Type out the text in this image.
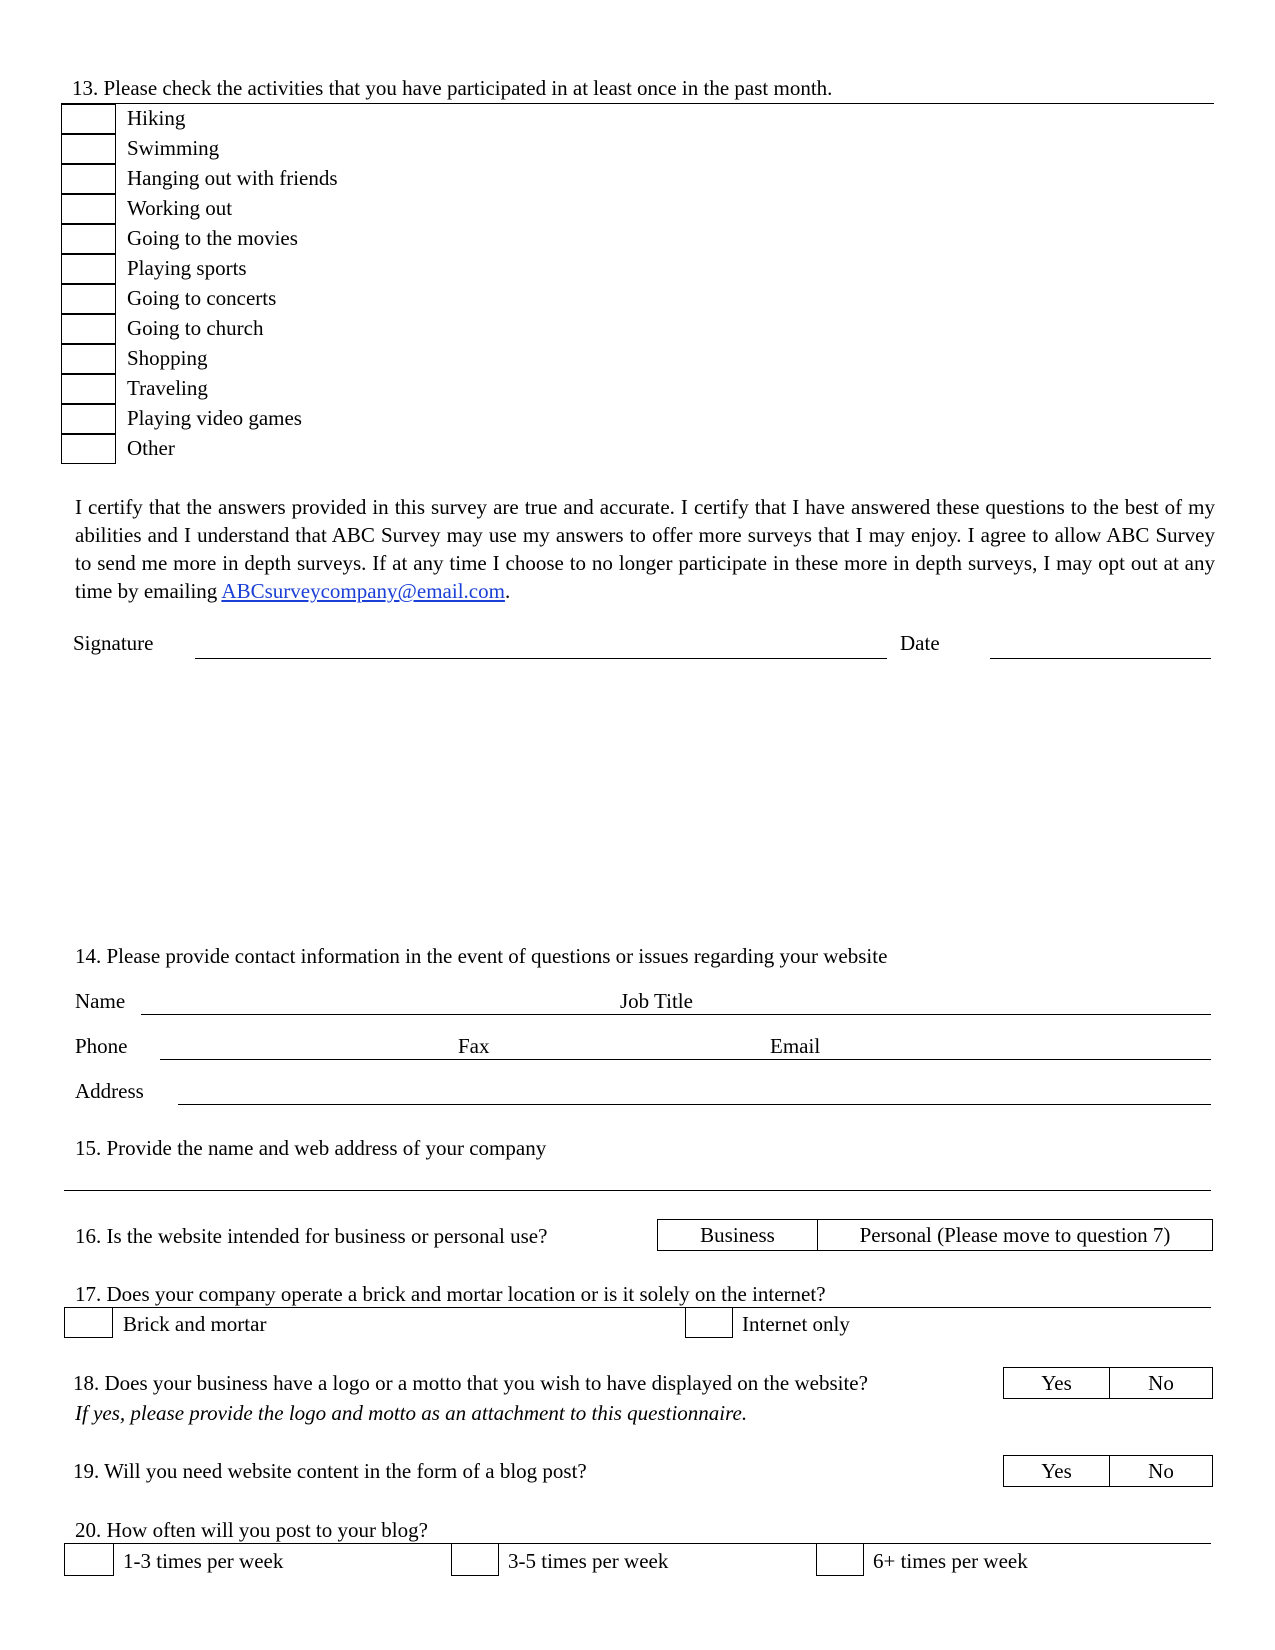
13. Please check the activities that you have participated in at least once in the past month.
Hiking
Swimming
Hanging out with friends
Working out
Going to the movies
Playing sports
Going to concerts
Going to church
Shopping
Traveling
Playing video games
Other
I certify that the answers provided in this survey are true and accurate. I certify that I have answered these questions to the best of my abilities and I understand that ABC Survey may use my answers to offer more surveys that I may enjoy. I agree to allow ABC Survey to send me more in depth surveys. If at any time I choose to no longer participate in these more in depth surveys, I may opt out at any time by emailing ABCsurveycompany@email.com.
Signature	Date
14. Please provide contact information in the event of questions or issues regarding your website
Name	Job Title
Phone	Fax	Email
Address
15. Provide the name and web address of your company
16. Is the website intended for business or personal use?	Business	Personal (Please move to question 7)
17. Does your company operate a brick and mortar location or is it solely on the internet?
Brick and mortar	Internet only
18. Does your business have a logo or a motto that you wish to have displayed on the website?
If yes, please provide the logo and motto as an attachment to this questionnaire.
Yes	No
19. Will you need website content in the form of a blog post?	Yes	No
20. How often will you post to your blog?
1-3 times per week	3-5 times per week	6+ times per week
